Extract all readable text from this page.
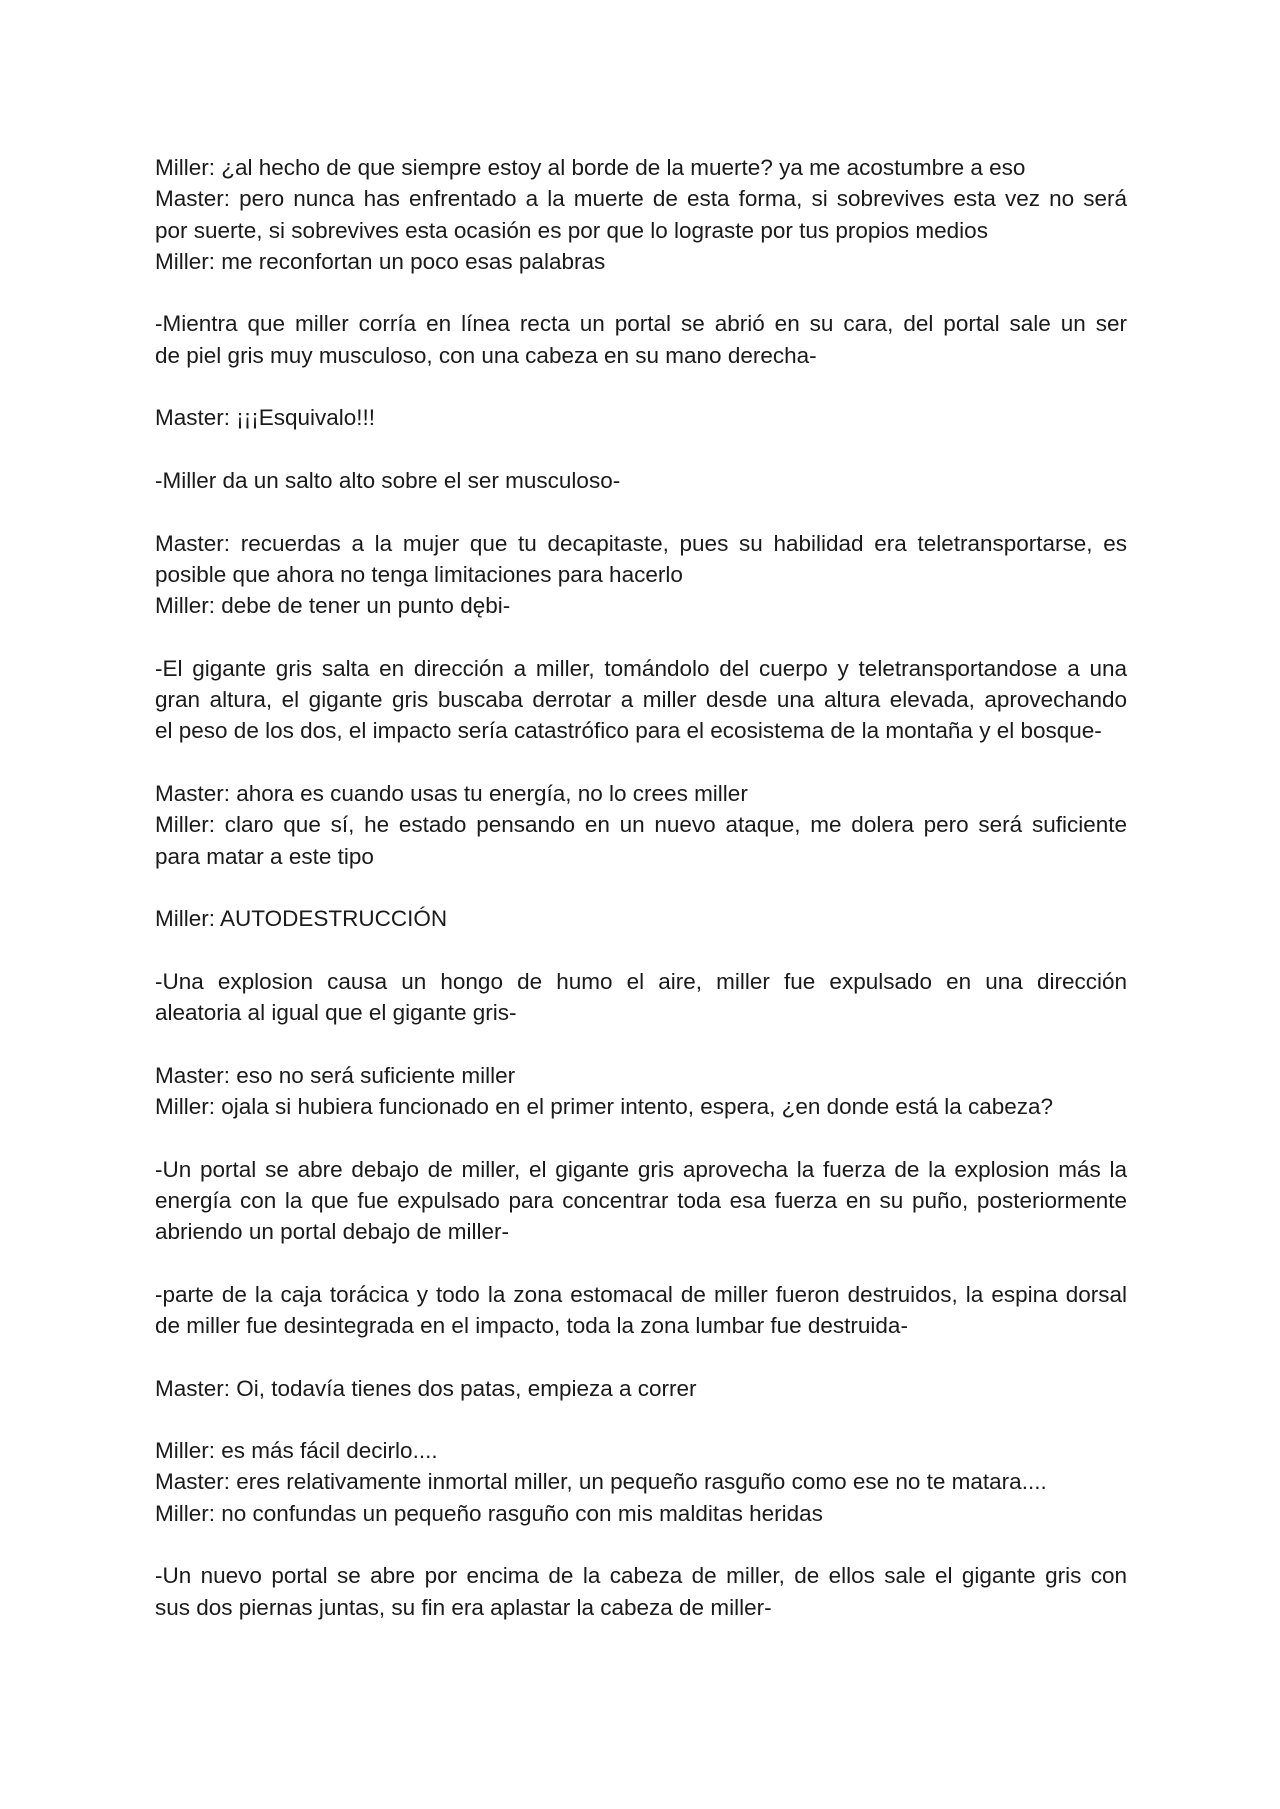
Miller: ¿al hecho de que siempre estoy al borde de la muerte? ya me acostumbre a eso
Master: pero nunca has enfrentado a la muerte de esta forma, si sobrevives esta vez no será
por suerte, si sobrevives esta ocasión es por que lo lograste por tus propios medios
Miller: me reconfortan un poco esas palabras
-Mientra que miller corría en línea recta un portal se abrió en su cara, del portal sale un ser
de piel gris muy musculoso, con una cabeza en su mano derecha-
Master: ¡¡¡Esquivalo!!!
-Miller da un salto alto sobre el ser musculoso-
Master: recuerdas a la mujer que tu decapitaste, pues su habilidad era teletransportarse, es
posible que ahora no tenga limitaciones para hacerlo
Miller: debe de tener un punto dębi-
-El gigante gris salta en dirección a miller, tomándolo del cuerpo y teletransportandose a una
gran altura, el gigante gris buscaba derrotar a miller desde una altura elevada, aprovechando
el peso de los dos, el impacto sería catastrófico para el ecosistema de la montaña y el bosque-
Master: ahora es cuando usas tu energía, no lo crees miller
Miller: claro que sí, he estado pensando en un nuevo ataque, me dolera pero será suficiente
para matar a este tipo
Miller: AUTODESTRUCCIÓN
-Una explosion causa un hongo de humo el aire, miller fue expulsado en una dirección
aleatoria al igual que el gigante gris-
Master: eso no será suficiente miller
Miller: ojala si hubiera funcionado en el primer intento, espera, ¿en donde está la cabeza?
-Un portal se abre debajo de miller, el gigante gris aprovecha la fuerza de la explosion más la
energía con la que fue expulsado para concentrar toda esa fuerza en su puño, posteriormente
abriendo un portal debajo de miller-
-parte de la caja torácica y todo la zona estomacal de miller fueron destruidos, la espina dorsal
de miller fue desintegrada en el impacto, toda la zona lumbar fue destruida-
Master: Oi, todavía tienes dos patas, empieza a correr
Miller: es más fácil decirlo....
Master: eres relativamente inmortal miller, un pequeño rasguño como ese no te matara....
Miller: no confundas un pequeño rasguño con mis malditas heridas
-Un nuevo portal se abre por encima de la cabeza de miller, de ellos sale el gigante gris con
sus dos piernas juntas, su fin era aplastar la cabeza de miller-
